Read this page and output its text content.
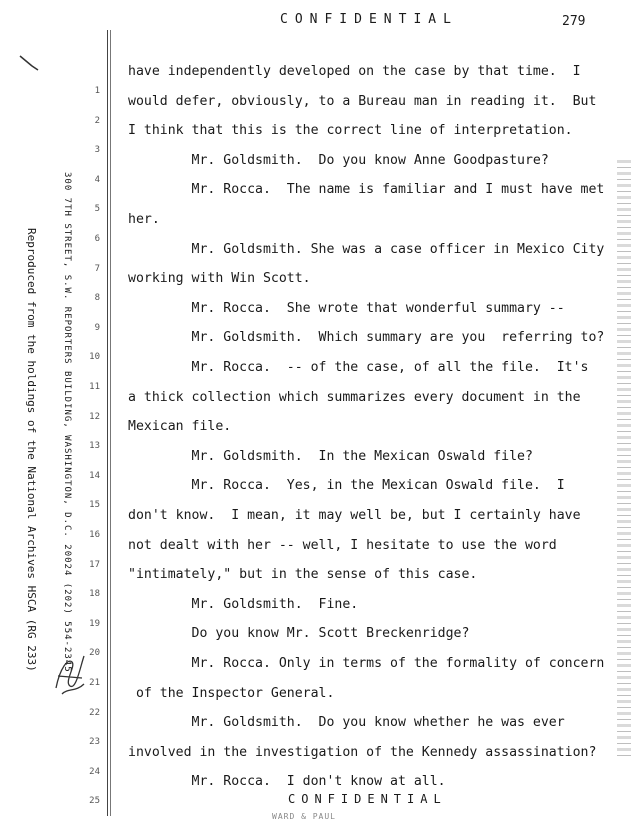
CONFIDENTIAL	279
Reproduced from the holdings of the National Archives HSCA (RG 233)	300 7TH STREET, S.W. REPORTERS BUILDING, WASHINGTON, D.C. 20024 (202) 554-2345
1
2
3
4
5
6
7
8
9
10
11
12
13
14
15
16
17
18
19
20
21
22
23
24
25
have independently developed on the case by that time.  I
would defer, obviously, to a Bureau man in reading it.  But
I think that this is the correct line of interpretation.
Mr. Goldsmith.  Do you know Anne Goodpasture?
Mr. Rocca.  The name is familiar and I must have met
her.
Mr. Goldsmith. She was a case officer in Mexico City
working with Win Scott.
Mr. Rocca.  She wrote that wonderful summary --
Mr. Goldsmith.  Which summary are you  referring to?
Mr. Rocca.  -- of the case, of all the file.  It's
a thick collection which summarizes every document in the
Mexican file.
Mr. Goldsmith.  In the Mexican Oswald file?
Mr. Rocca.  Yes, in the Mexican Oswald file.  I
don't know.  I mean, it may well be, but I certainly have
not dealt with her -- well, I hesitate to use the word
"intimately," but in the sense of this case.
Mr. Goldsmith.  Fine.
Do you know Mr. Scott Breckenridge?
Mr. Rocca. Only in terms of the formality of concern
of the Inspector General.
Mr. Goldsmith.  Do you know whether he was ever
involved in the investigation of the Kennedy assassination?
Mr. Rocca.  I don't know at all.
CONFIDENTIAL
WARD & PAUL
